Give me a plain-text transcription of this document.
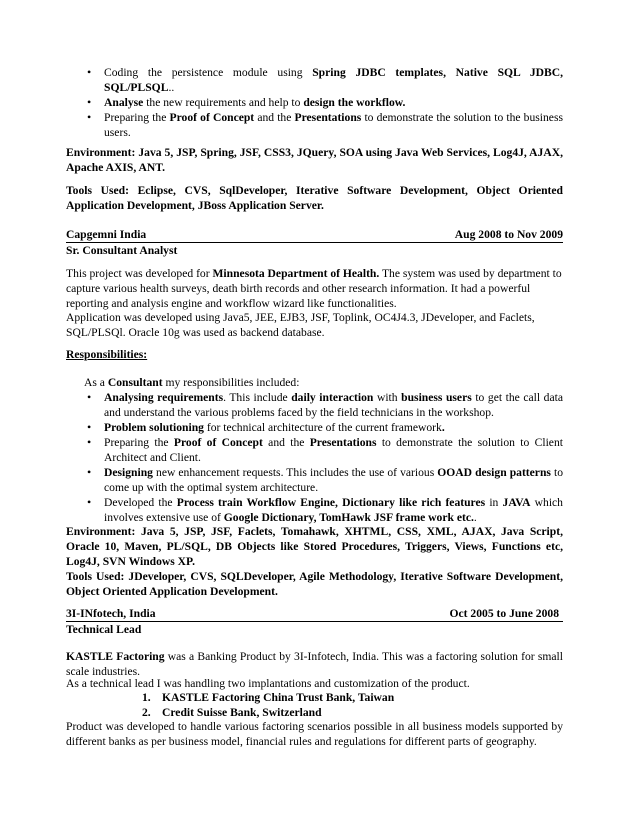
• Coding the persistence module using Spring JDBC templates, Native SQL JDBC, SQL/PLSQL..
• Analyse the new requirements and help to design the workflow.
• Preparing the Proof of Concept and the Presentations to demonstrate the solution to the business users.
Environment: Java 5, JSP, Spring, JSF, CSS3, JQuery, SOA using Java Web Services, Log4J, AJAX, Apache AXIS, ANT.
Tools Used: Eclipse, CVS, SqlDeveloper, Iterative Software Development, Object Oriented Application Development, JBoss Application Server.
Capgemni India	Aug 2008 to Nov 2009
Sr. Consultant Analyst
This project was developed for Minnesota Department of Health. The system was used by department to capture various health surveys, death birth records and other research information. It had a powerful reporting and analysis engine and workflow wizard like functionalities.
Application was developed using Java5, JEE, EJB3, JSF, Toplink, OC4J4.3, JDeveloper, and Faclets, SQL/PLSQl. Oracle 10g was used as backend database.
Responsibilities:
As a Consultant my responsibilities included:
• Analysing requirements. This include daily interaction with business users to get the call data and understand the various problems faced by the field technicians in the workshop.
• Problem solutioning for technical architecture of the current framework.
• Preparing the Proof of Concept and the Presentations to demonstrate the solution to Client Architect and Client.
• Designing new enhancement requests. This includes the use of various OOAD design patterns to come up with the optimal system architecture.
• Developed the Process train Workflow Engine, Dictionary like rich features in JAVA which involves extensive use of Google Dictionary, TomHawk JSF frame work etc..
Environment: Java 5, JSP, JSF, Faclets, Tomahawk, XHTML, CSS, XML, AJAX, Java Script, Oracle 10, Maven, PL/SQL, DB Objects like Stored Procedures, Triggers, Views, Functions etc, Log4J, SVN Windows XP.
Tools Used: JDeveloper, CVS, SQLDeveloper, Agile Methodology, Iterative Software Development, Object Oriented Application Development.
3I-INfotech, India	Oct 2005 to June 2008
Technical Lead
KASTLE Factoring was a Banking Product by 3I-Infotech, India. This was a factoring solution for small scale industries.
As a technical lead I was handling two implantations and customization of the product.
1. KASTLE Factoring China Trust Bank, Taiwan
2. Credit Suisse Bank, Switzerland
Product was developed to handle various factoring scenarios possible in all business models supported by different banks as per business model, financial rules and regulations for different parts of geography.
